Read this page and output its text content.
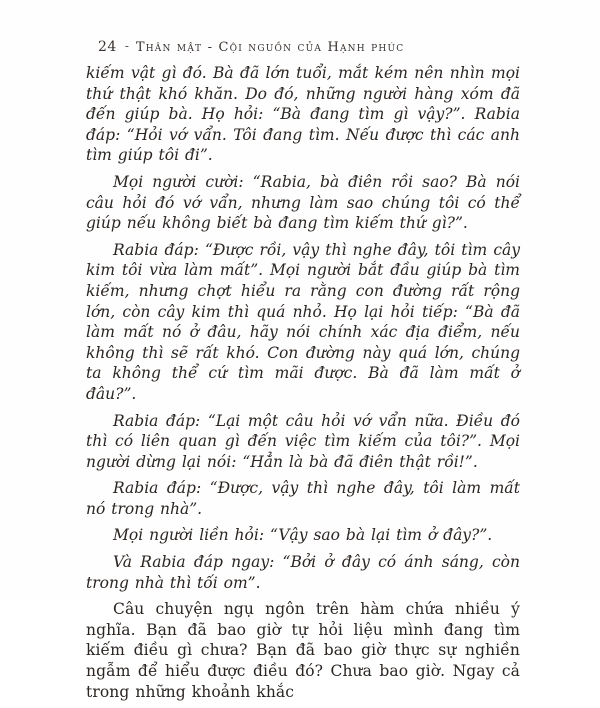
24 - Thân mật - Cội nguồn của Hạnh phúc

kiếm vật gì đó. Bà đã lớn tuổi, mắt kém nên nhìn mọi thứ thật khó khăn. Do đó, những người hàng xóm đã đến giúp bà. Họ hỏi: “Bà đang tìm gì vậy?”. Rabia đáp: “Hỏi vớ vẩn. Tôi đang tìm. Nếu được thì các anh tìm giúp tôi đi”.

Mọi người cười: “Rabia, bà điên rồi sao? Bà nói câu hỏi đó vớ vẩn, nhưng làm sao chúng tôi có thể giúp nếu không biết bà đang tìm kiếm thứ gì?”.

Rabia đáp: “Được rồi, vậy thì nghe đây, tôi tìm cây kim tôi vừa làm mất”. Mọi người bắt đầu giúp bà tìm kiếm, nhưng chợt hiểu ra rằng con đường rất rộng lớn, còn cây kim thì quá nhỏ. Họ lại hỏi tiếp: “Bà đã làm mất nó ở đâu, hãy nói chính xác địa điểm, nếu không thì sẽ rất khó. Con đường này quá lớn, chúng ta không thể cứ tìm mãi được. Bà đã làm mất ở đâu?”.

Rabia đáp: “Lại một câu hỏi vớ vẩn nữa. Điều đó thì có liên quan gì đến việc tìm kiếm của tôi?”. Mọi người dừng lại nói: “Hẳn là bà đã điên thật rồi!”.

Rabia đáp: “Được, vậy thì nghe đây, tôi làm mất nó trong nhà”.

Mọi người liền hỏi: “Vậy sao bà lại tìm ở đây?”.

Và Rabia đáp ngay: “Bởi ở đây có ánh sáng, còn trong nhà thì tối om”.

Câu chuyện ngụ ngôn trên hàm chứa nhiều ý nghĩa. Bạn đã bao giờ tự hỏi liệu mình đang tìm kiếm điều gì chưa? Bạn đã bao giờ thực sự nghiền ngẫm để hiểu được điều đó? Chưa bao giờ. Ngay cả trong những khoảnh khắc
